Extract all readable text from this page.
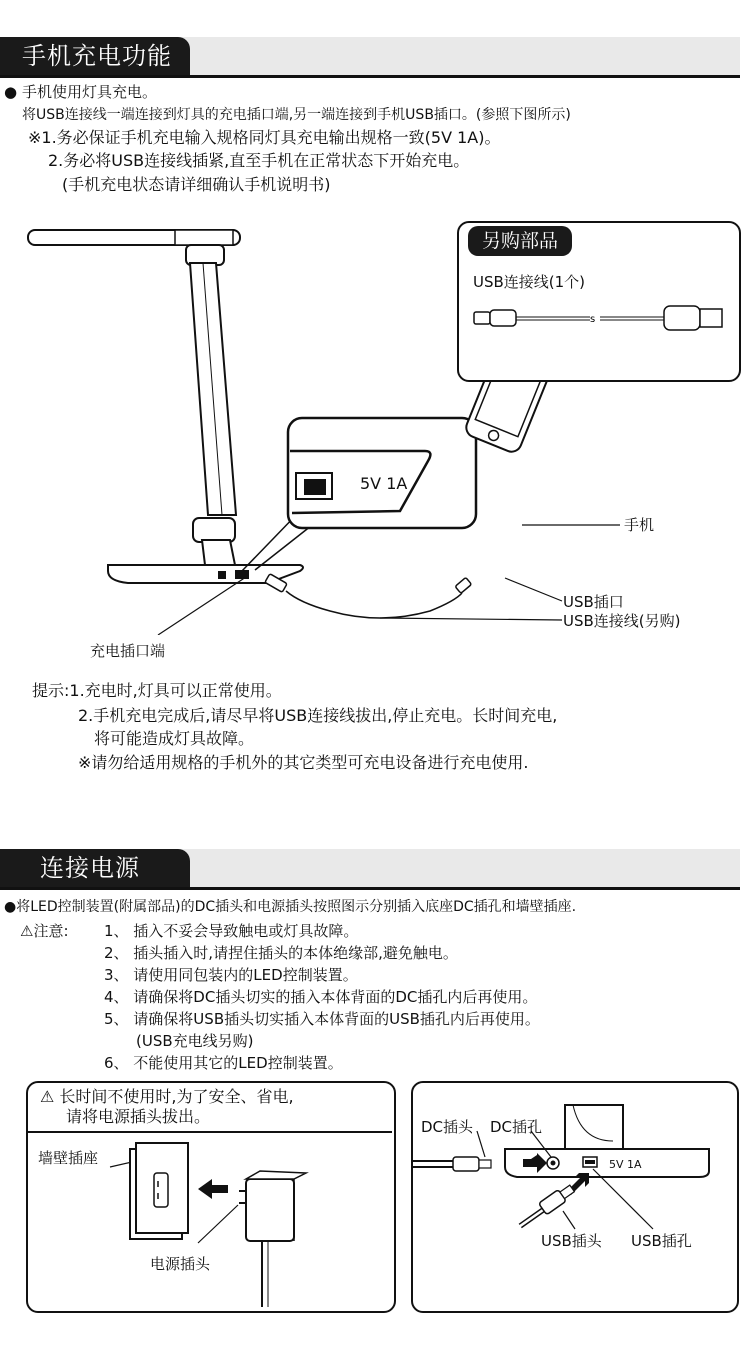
手机充电功能
● 手机使用灯具充电。
将USB连接线一端连接到灯具的充电插口端,另一端连接到手机USB插口。(参照下图所示)
※1.务必保证手机充电输入规格同灯具充电输出规格一致(5V 1A)。
2.务必将USB连接线插紧,直至手机在正常状态下开始充电。
(手机充电状态请详细确认手机说明书)
5V 1A
另购部品
USB连接线(1个)
s
手机
USB插口
USB连接线(另购)
充电插口端
提示:1.充电时,灯具可以正常使用。
2.手机充电完成后,请尽早将USB连接线拔出,停止充电。长时间充电,
将可能造成灯具故障。
※请勿给适用规格的手机外的其它类型可充电设备进行充电使用.
连接电源
●将LED控制装置(附属部品)的DC插头和电源插头按照图示分别插入底座DC插孔和墙壁插座.
⚠注意: 1、 插入不妥会导致触电或灯具故障。
2、 插头插入时,请捏住插头的本体绝缘部,避免触电。
3、 请使用同包装内的LED控制装置。
4、 请确保将DC插头切实的插入本体背面的DC插孔内后再使用。
5、 请确保将USB插头切实插入本体背面的USB插孔内后再使用。
(USB充电线另购)
6、 不能使用其它的LED控制装置。
⚠ 长时间不使用时,为了安全、省电,
请将电源插头拔出。
墙壁插座
电源插头
DC插头 DC插孔
USB插头 USB插孔
5V 1A
